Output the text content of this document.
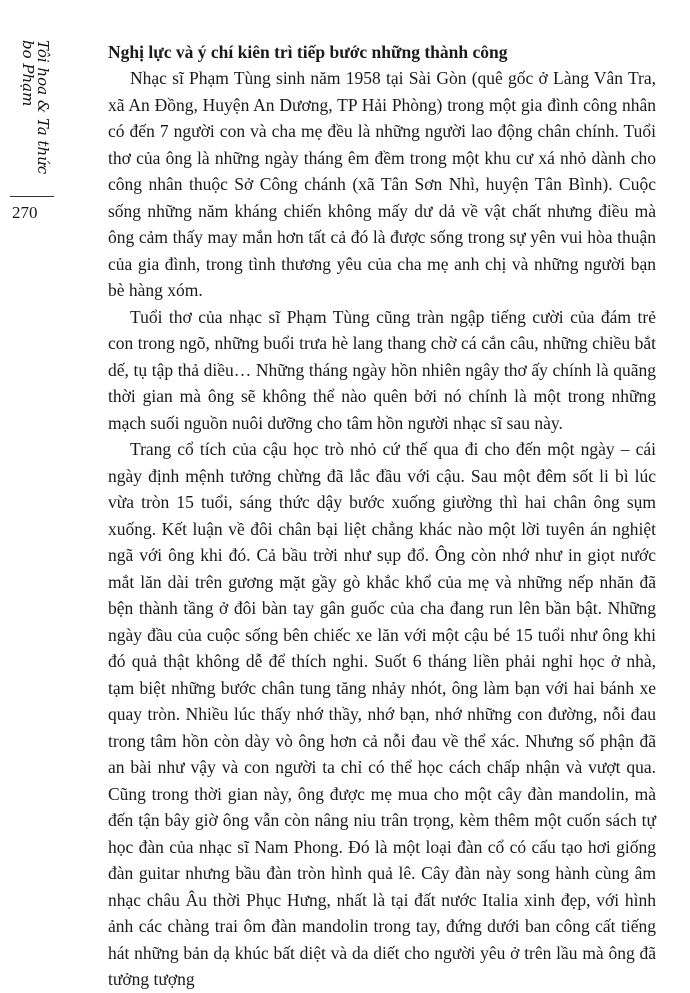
Tôi hoa & Ta thức bo Phạm
270

Nghị lực và ý chí kiên trì tiếp bước những thành công

Nhạc sĩ Phạm Tùng sinh năm 1958 tại Sài Gòn (quê gốc ở Làng Vân Tra, xã An Đồng, Huyện An Dương, TP Hải Phòng) trong một gia đình công nhân có đến 7 người con và cha mẹ đều là những người lao động chân chính. Tuổi thơ của ông là những ngày tháng êm đềm trong một khu cư xá nhỏ dành cho công nhân thuộc Sở Công chánh (xã Tân Sơn Nhì, huyện Tân Bình). Cuộc sống những năm kháng chiến không mấy dư dả về vật chất nhưng điều mà ông cảm thấy may mắn hơn tất cả đó là được sống trong sự yên vui hòa thuận của gia đình, trong tình thương yêu của cha mẹ anh chị và những người bạn bè hàng xóm.

Tuổi thơ của nhạc sĩ Phạm Tùng cũng tràn ngập tiếng cười của đám trẻ con trong ngõ, những buổi trưa hè lang thang chờ cá cắn câu, những chiều bắt dế, tụ tập thả diều… Những tháng ngày hồn nhiên ngây thơ ấy chính là quãng thời gian mà ông sẽ không thể nào quên bởi nó chính là một trong những mạch suối nguồn nuôi dưỡng cho tâm hồn người nhạc sĩ sau này.

Trang cổ tích của cậu học trò nhỏ cứ thế qua đi cho đến một ngày – cái ngày định mệnh tưởng chừng đã lắc đầu với cậu. Sau một đêm sốt li bì lúc vừa tròn 15 tuổi, sáng thức dậy bước xuống giường thì hai chân ông sụm xuống. Kết luận về đôi chân bại liệt chẳng khác nào một lời tuyên án nghiệt ngã với ông khi đó. Cả bầu trời như sụp đổ. Ông còn nhớ như in giọt nước mắt lăn dài trên gương mặt gầy gò khắc khổ của mẹ và những nếp nhăn đã bện thành tầng ở đôi bàn tay gân guốc của cha đang run lên bần bật. Những ngày đầu của cuộc sống bên chiếc xe lăn với một cậu bé 15 tuổi như ông khi đó quả thật không dễ để thích nghi. Suốt 6 tháng liền phải nghỉ học ở nhà, tạm biệt những bước chân tung tăng nhảy nhót, ông làm bạn với hai bánh xe quay tròn. Nhiều lúc thấy nhớ thầy, nhớ bạn, nhớ những con đường, nỗi đau trong tâm hồn còn dày vò ông hơn cả nỗi đau về thể xác. Nhưng số phận đã an bài như vậy và con người ta chỉ có thể học cách chấp nhận và vượt qua. Cũng trong thời gian này, ông được mẹ mua cho một cây đàn mandolin, mà đến tận bây giờ ông vẫn còn nâng niu trân trọng, kèm thêm một cuốn sách tự học đàn của nhạc sĩ Nam Phong. Đó là một loại đàn cổ có cấu tạo hơi giống đàn guitar nhưng bầu đàn tròn hình quả lê. Cây đàn này song hành cùng âm nhạc châu Âu thời Phục Hưng, nhất là tại đất nước Italia xinh đẹp, với hình ảnh các chàng trai ôm đàn mandolin trong tay, đứng dưới ban công cất tiếng hát những bản dạ khúc bất diệt và da diết cho người yêu ở trên lầu mà ông đã tưởng tượng
